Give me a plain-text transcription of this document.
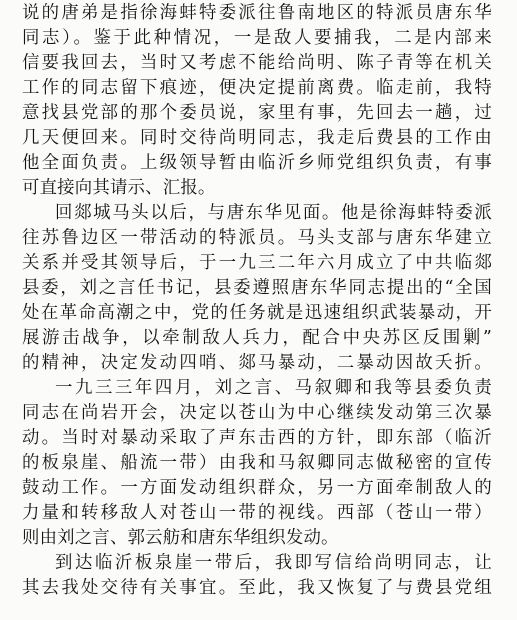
说的唐弟是指徐海蚌特委派往鲁南地区的特派员唐东华
同志）。鉴于此种情况，一是敌人要捕我，二是内部来
信要我回去，当时又考虑不能给尚明、陈子青等在机关
工作的同志留下痕迹，便决定提前离费。临走前，我特
意找县党部的那个委员说，家里有事，先回去一趟，过
几天便回来。同时交待尚明同志，我走后费县的工作由
他全面负责。上级领导暂由临沂乡师党组织负责，有事
可直接向其请示、汇报。
回郯城马头以后，与唐东华见面。他是徐海蚌特委派
往苏鲁边区一带活动的特派员。马头支部与唐东华建立
关系并受其领导后，于一九三二年六月成立了中共临郯
县委，刘之言任书记，县委遵照唐东华同志提出的“全国
处在革命高潮之中，党的任务就是迅速组织武装暴动，开
展游击战争，以牵制敌人兵力，配合中央苏区反围剿”
的精神，决定发动四哨、郯马暴动，二暴动因故夭折。
一九三三年四月，刘之言、马叙卿和我等县委负责
同志在尚岩开会，决定以苍山为中心继续发动第三次暴
动。当时对暴动采取了声东击西的方针，即东部（临沂
的板泉崖、船流一带）由我和马叙卿同志做秘密的宣传
鼓动工作。一方面发动组织群众，另一方面牵制敌人的
力量和转移敌人对苍山一带的视线。西部（苍山一带）
则由刘之言、郭云舫和唐东华组织发动。
到达临沂板泉崖一带后，我即写信给尚明同志，让
其去我处交待有关事宜。至此，我又恢复了与费县党组
